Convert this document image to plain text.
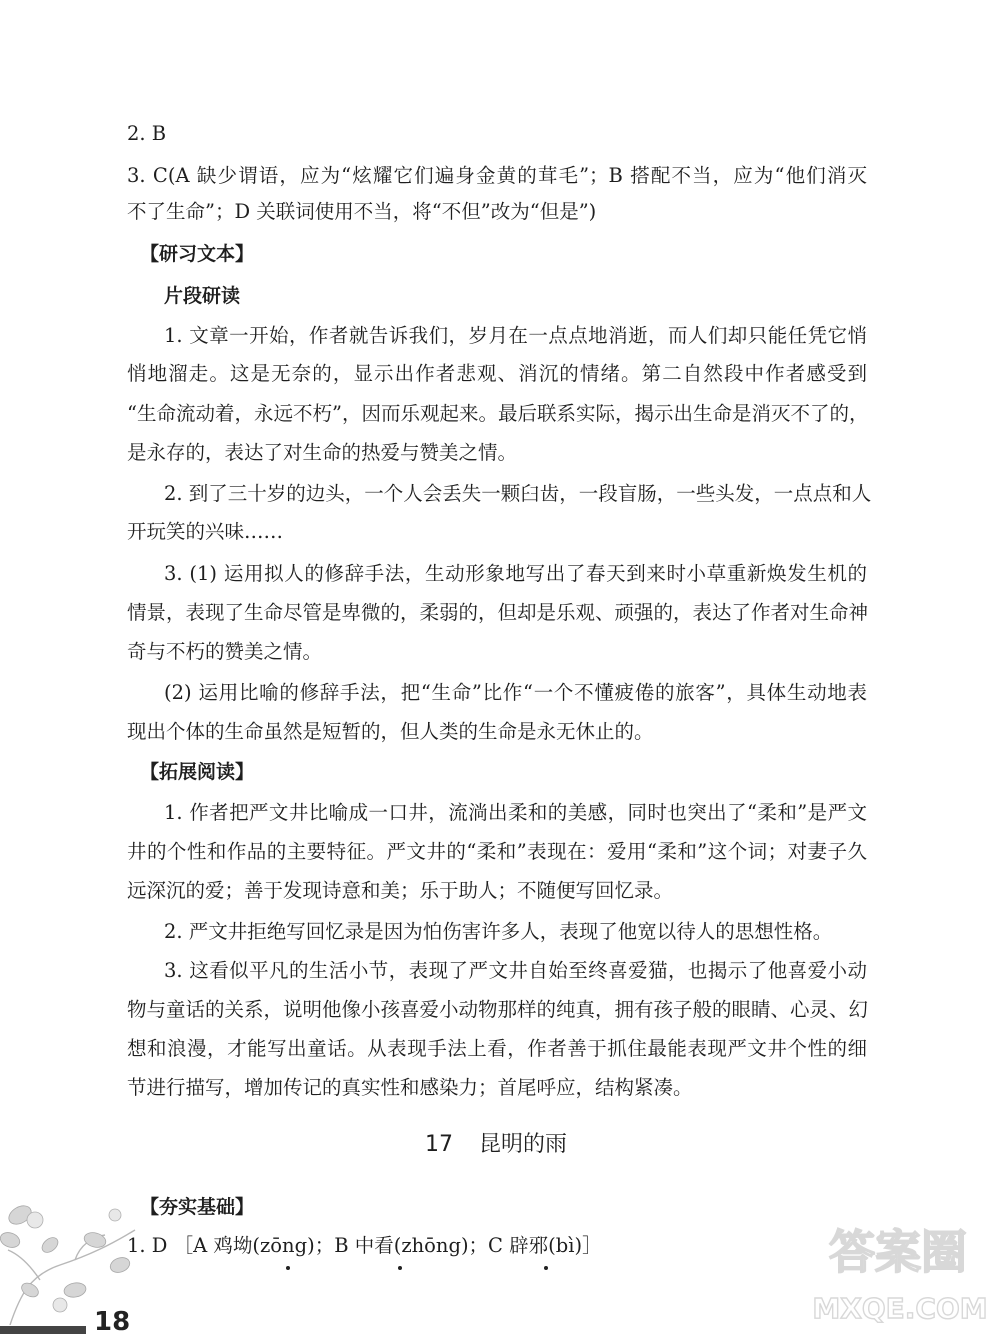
2. B
3. C(A 缺少谓语，应为“炫耀它们遍身金黄的茸毛”；B 搭配不当，应为“他们消灭
不了生命”；D 关联词使用不当，将“不但”改为“但是”)
【研习文本】
片段研读
1. 文章一开始，作者就告诉我们，岁月在一点点地消逝，而人们却只能任凭它悄
悄地溜走。这是无奈的，显示出作者悲观、消沉的情绪。第二自然段中作者感受到
“生命流动着，永远不朽”，因而乐观起来。最后联系实际，揭示出生命是消灭不了的，
是永存的，表达了对生命的热爱与赞美之情。
2. 到了三十岁的边头，一个人会丢失一颗臼齿，一段盲肠，一些头发，一点点和人
开玩笑的兴味……
3. (1) 运用拟人的修辞手法，生动形象地写出了春天到来时小草重新焕发生机的
情景，表现了生命尽管是卑微的，柔弱的，但却是乐观、顽强的，表达了作者对生命神
奇与不朽的赞美之情。
(2) 运用比喻的修辞手法，把“生命”比作“一个不懂疲倦的旅客”，具体生动地表
现出个体的生命虽然是短暂的，但人类的生命是永无休止的。
【拓展阅读】
1. 作者把严文井比喻成一口井，流淌出柔和的美感，同时也突出了“柔和”是严文
井的个性和作品的主要特征。严文井的“柔和”表现在：爱用“柔和”这个词；对妻子久
远深沉的爱；善于发现诗意和美；乐于助人；不随便写回忆录。
2. 严文井拒绝写回忆录是因为怕伤害许多人，表现了他宽以待人的思想性格。
3. 这看似平凡的生活小节，表现了严文井自始至终喜爱猫，也揭示了他喜爱小动
物与童话的关系，说明他像小孩喜爱小动物那样的纯真，拥有孩子般的眼睛、心灵、幻
想和浪漫，才能写出童话。从表现手法上看，作者善于抓住最能表现严文井个性的细
节进行描写，增加传记的真实性和感染力；首尾呼应，结构紧凑。
17 昆明的雨
【夯实基础】
1. D ［A 鸡坳(zōng)；B 中看(zhōng)；C 辟邪(bì)］
18
答案圈
MXQE.COM
